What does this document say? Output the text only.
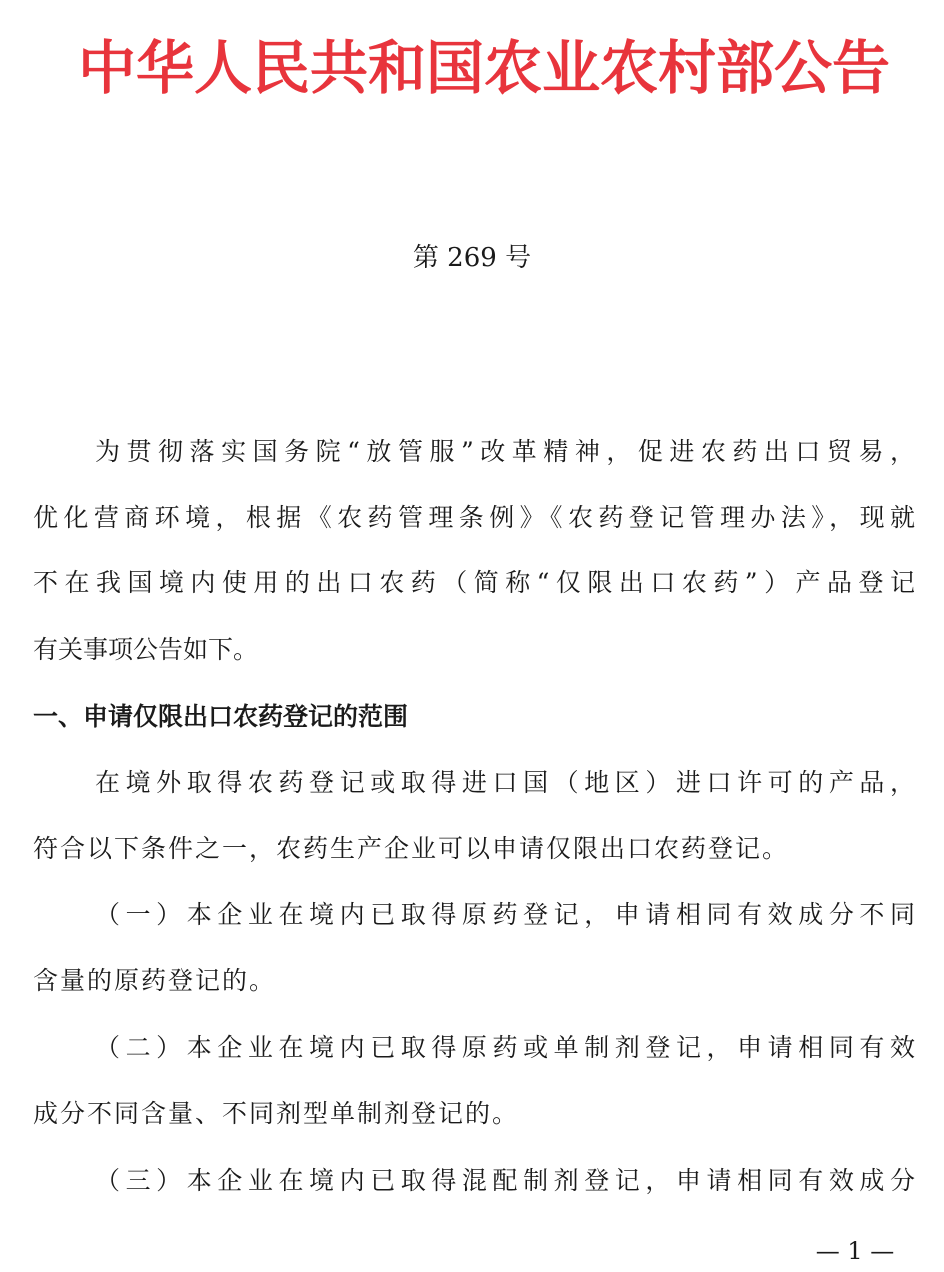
中华人民共和国农业农村部公告
第 269 号
为贯彻落实国务院“放管服”改革精神，促进农药出口贸易，
优化营商环境，根据《农药管理条例》《农药登记管理办法》，现就
不在我国境内使用的出口农药（简称“仅限出口农药”）产品登记
有关事项公告如下。
一、申请仅限出口农药登记的范围
在境外取得农药登记或取得进口国（地区）进口许可的产品，
符合以下条件之一，农药生产企业可以申请仅限出口农药登记。
（一）本企业在境内已取得原药登记，申请相同有效成分不同
含量的原药登记的。
（二）本企业在境内已取得原药或单制剂登记，申请相同有效
成分不同含量、不同剂型单制剂登记的。
（三）本企业在境内已取得混配制剂登记，申请相同有效成分
— 1 —
